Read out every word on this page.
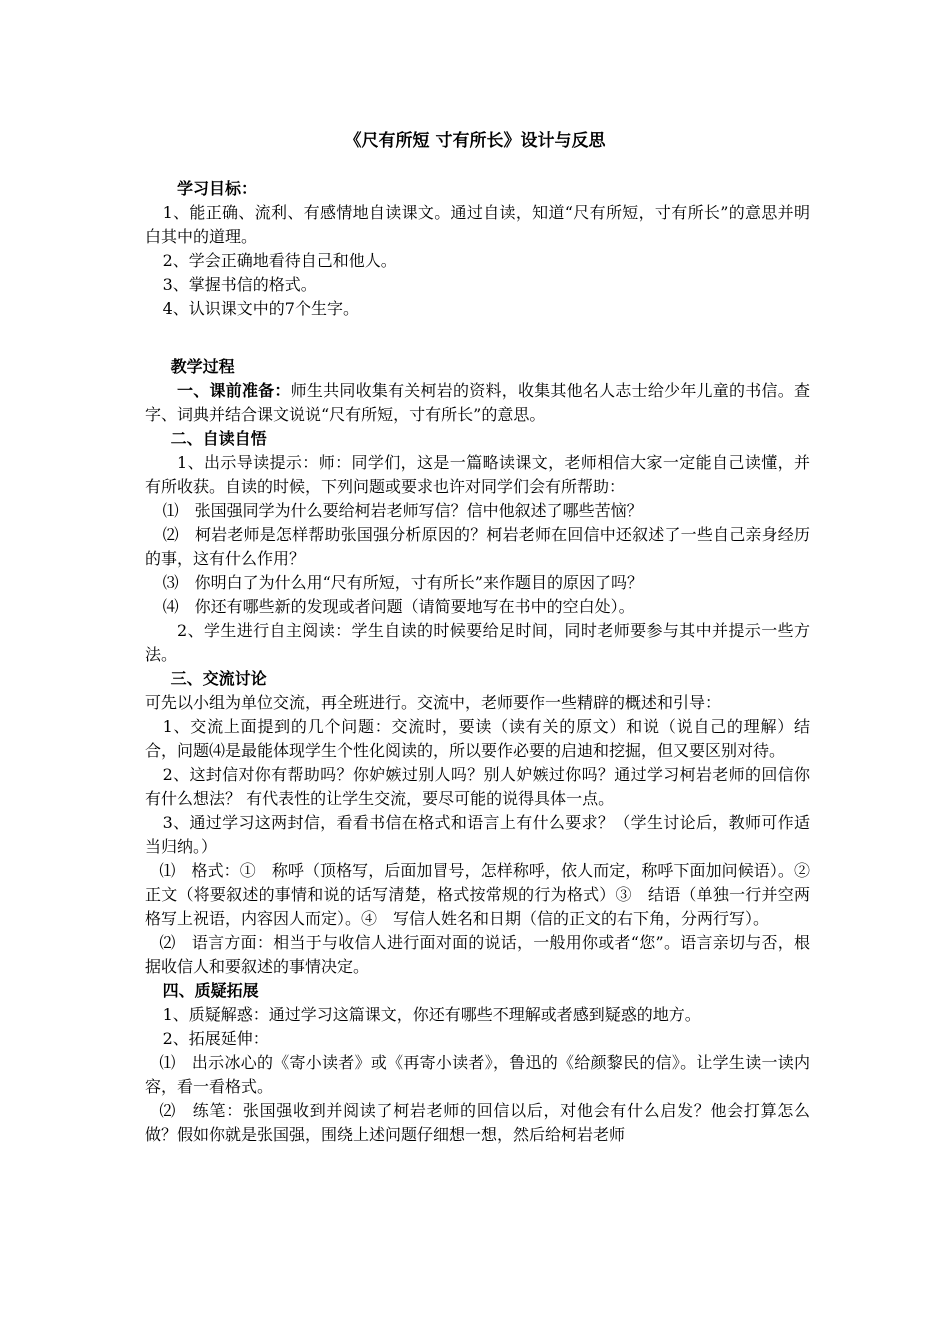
《尺有所短 寸有所长》设计与反思

学习目标：

1、能正确、流利、有感情地自读课文。通过自读，知道“尺有所短，寸有所长”的意思并明白其中的道理。

2、学会正确地看待自己和他人。

3、掌握书信的格式。

4、认识课文中的7个生字。

教学过程

一、课前准备：师生共同收集有关柯岩的资料，收集其他名人志士给少年儿童的书信。查字、词典并结合课文说说“尺有所短，寸有所长”的意思。

二、自读自悟

1、出示导读提示：师：同学们，这是一篇略读课文，老师相信大家一定能自己读懂，并有所收获。自读的时候，下列问题或要求也许对同学们会有所帮助：

⑴　张国强同学为什么要给柯岩老师写信？信中他叙述了哪些苦恼？

⑵　柯岩老师是怎样帮助张国强分析原因的？柯岩老师在回信中还叙述了一些自己亲身经历的事，这有什么作用？

⑶　你明白了为什么用“尺有所短，寸有所长”来作题目的原因了吗？

⑷　你还有哪些新的发现或者问题（请简要地写在书中的空白处）。

2、学生进行自主阅读：学生自读的时候要给足时间，同时老师要参与其中并提示一些方法。

三、交流讨论

可先以小组为单位交流，再全班进行。交流中，老师要作一些精辟的概述和引导：

1、交流上面提到的几个问题：交流时，要读（读有关的原文）和说（说自己的理解）结合，问题⑷是最能体现学生个性化阅读的，所以要作必要的启迪和挖掘，但又要区别对待。

2、这封信对你有帮助吗？你妒嫉过别人吗？别人妒嫉过你吗？通过学习柯岩老师的回信你有什么想法？ 有代表性的让学生交流，要尽可能的说得具体一点。

3、通过学习这两封信，看看书信在格式和语言上有什么要求？（学生讨论后，教师可作适当归纳。）

⑴　格式：①　称呼（顶格写，后面加冒号，怎样称呼，依人而定，称呼下面加问候语）。②　正文（将要叙述的事情和说的话写清楚，格式按常规的行为格式）③　结语（单独一行并空两格写上祝语，内容因人而定）。④　写信人姓名和日期（信的正文的右下角，分两行写）。

⑵　语言方面：相当于与收信人进行面对面的说话，一般用你或者“您”。语言亲切与否，根据收信人和要叙述的事情决定。

四、质疑拓展

1、质疑解惑：通过学习这篇课文，你还有哪些不理解或者感到疑惑的地方。

2、拓展延伸：

⑴　出示冰心的《寄小读者》或《再寄小读者》，鲁迅的《给颜黎民的信》。让学生读一读内容，看一看格式。

⑵　练笔：张国强收到并阅读了柯岩老师的回信以后，对他会有什么启发？他会打算怎么做？假如你就是张国强，围绕上述问题仔细想一想，然后给柯岩老师
